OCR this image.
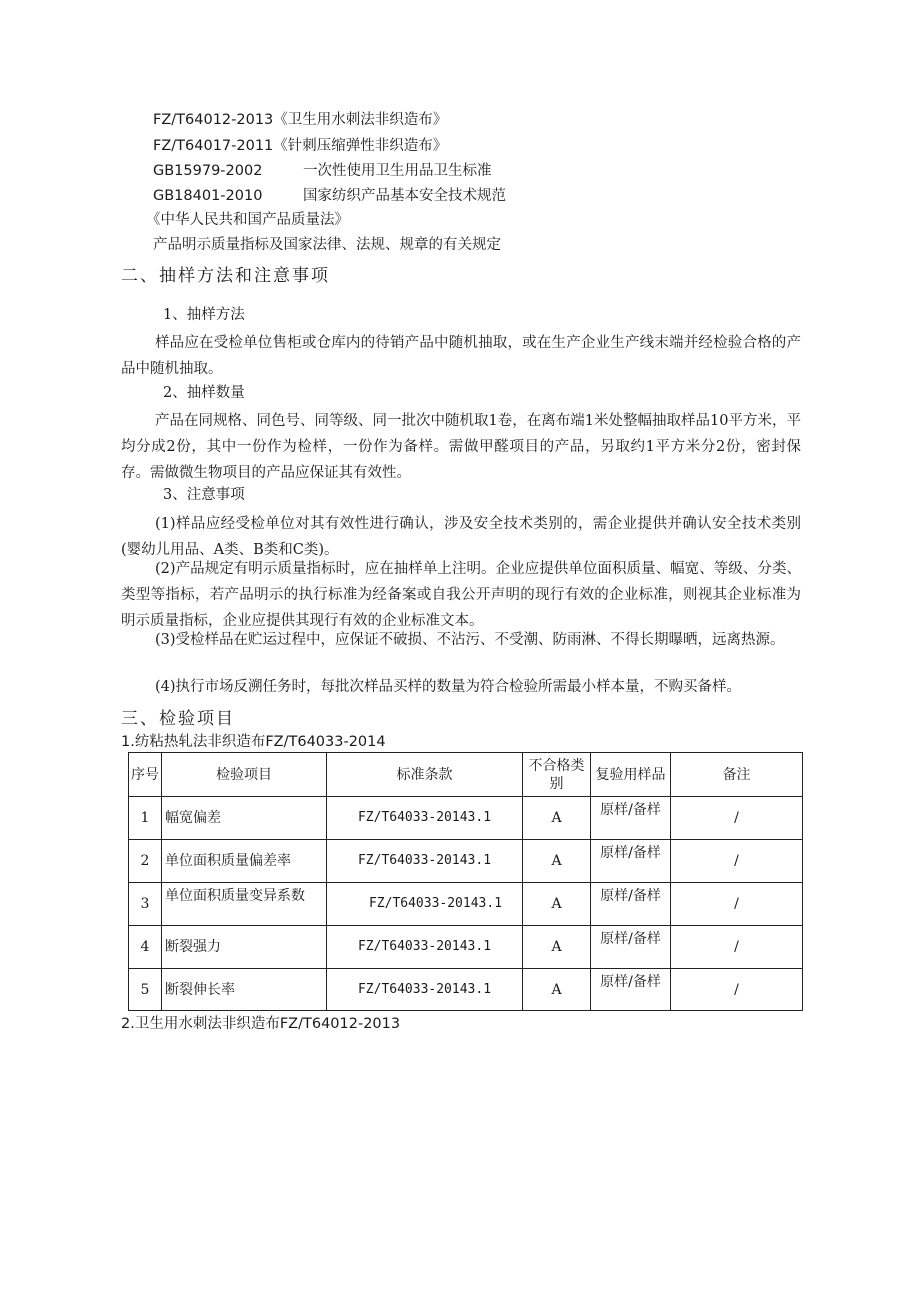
FZ/T64012-2013《卫生用水刺法非织造布》
FZ/T64017-2011《针刺压缩弹性非织造布》
GB15979-2002	一次性使用卫生用品卫生标准
GB18401-2010	国家纺织产品基本安全技术规范
《中华人民共和国产品质量法》
产品明示质量指标及国家法律、法规、规章的有关规定
二、抽样方法和注意事项
1、抽样方法
样品应在受检单位售柜或仓库内的待销产品中随机抽取，或在生产企业生产线末端并经检验合格的产品中随机抽取。
2、抽样数量
产品在同规格、同色号、同等级、同一批次中随机取1卷，在离布端1米处整幅抽取样品10平方米，平均分成2份，其中一份作为检样，一份作为备样。需做甲醛项目的产品，另取约1平方米分2份，密封保存。需做微生物项目的产品应保证其有效性。
3、注意事项
(1)样品应经受检单位对其有效性进行确认，涉及安全技术类别的，需企业提供并确认安全技术类别(婴幼儿用品、A类、B类和C类)。
(2)产品规定有明示质量指标时，应在抽样单上注明。企业应提供单位面积质量、幅宽、等级、分类、类型等指标，若产品明示的执行标准为经备案或自我公开声明的现行有效的企业标准，则视其企业标准为明示质量指标，企业应提供其现行有效的企业标准文本。
(3)受检样品在贮运过程中，应保证不破损、不沾污、不受潮、防雨淋、不得长期曝晒，远离热源。
(4)执行市场反溯任务时，每批次样品买样的数量为符合检验所需最小样本量，不购买备样。
三、检验项目
1.纺粘热轧法非织造布FZ/T64033-2014
序号	检验项目	标准条款	不合格类别	复验用样品	备注
1	幅宽偏差	FZ/T64033-20143.1	A	原样/备样	/
2	单位面积质量偏差率	FZ/T64033-20143.1	A	原样/备样	/
3	单位面积质量变异系数	FZ/T64033-20143.1	A	原样/备样	/
4	断裂强力	FZ/T64033-20143.1	A	原样/备样	/
5	断裂伸长率	FZ/T64033-20143.1	A	原样/备样	/
2.卫生用水刺法非织造布FZ/T64012-2013
